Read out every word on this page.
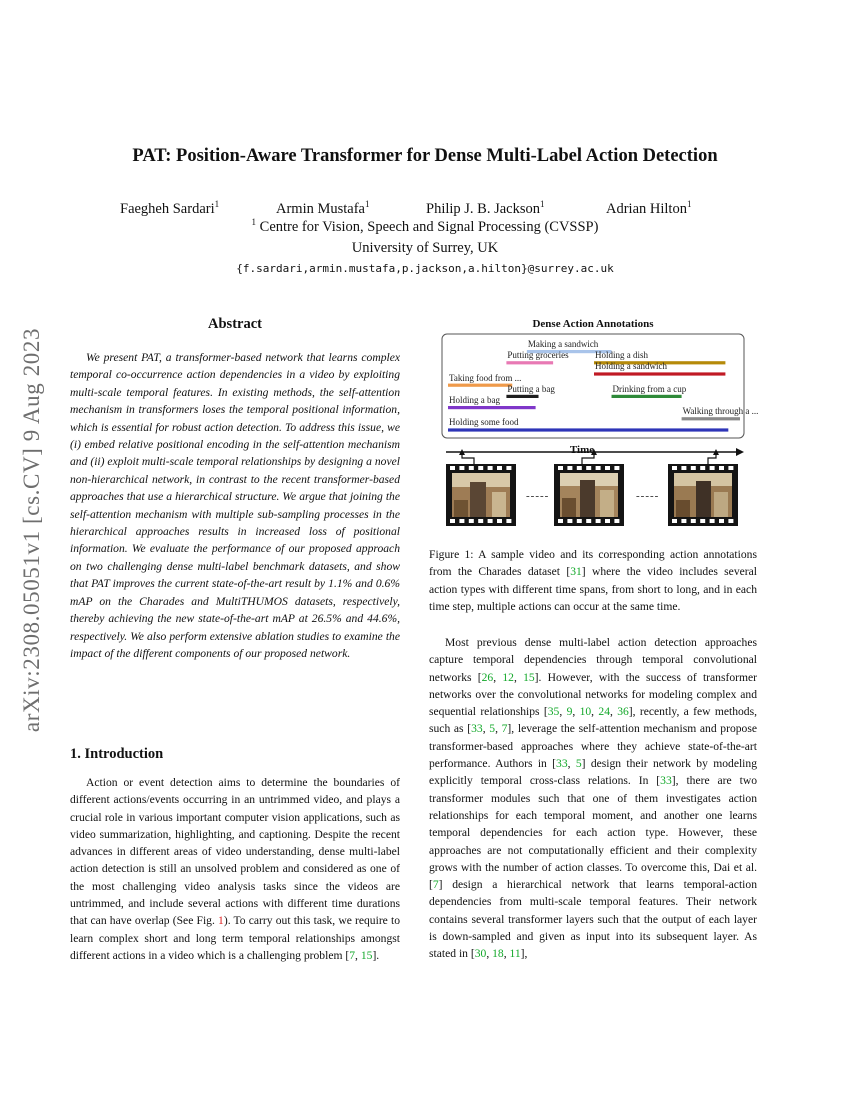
arXiv:2308.05051v1 [cs.CV] 9 Aug 2023
PAT: Position-Aware Transformer for Dense Multi-Label Action Detection
Faegheh Sardari$^1$	Armin Mustafa$^1$	Philip J. B. Jackson$^1$	Adrian Hilton$^1$
$^1$ Centre for Vision, Speech and Signal Processing (CVSSP)
University of Surrey, UK
{f.sardari,armin.mustafa,p.jackson,a.hilton}@surrey.ac.uk
Abstract

We present PAT, a transformer-based network that learns complex temporal co-occurrence action dependencies in a video by exploiting multi-scale temporal features. In existing methods, the self-attention mechanism in transformers loses the temporal positional information, which is essential for robust action detection. To address this issue, we (i) embed relative positional encoding in the self-attention mechanism and (ii) exploit multi-scale temporal relationships by designing a novel non-hierarchical network, in contrast to the recent transformer-based approaches that use a hierarchical structure. We argue that joining the self-attention mechanism with multiple sub-sampling processes in the hierarchical approaches results in increased loss of positional information. We evaluate the performance of our proposed approach on two challenging dense multi-label benchmark datasets, and show that PAT improves the current state-of-the-art result by 1.1% and 0.6% mAP on the Charades and MultiTHUMOS datasets, respectively, thereby achieving the new state-of-the-art mAP at 26.5% and 44.6%, respectively. We also perform extensive ablation studies to examine the impact of the different components of our proposed network.

1. Introduction

Action or event detection aims to determine the boundaries of different actions/events occurring in an untrimmed video, and plays a crucial role in various important computer vision applications, such as video summarization, highlighting, and captioning. Despite the recent advances in different areas of video understanding, dense multi-label action detection is still an unsolved problem and considered as one of the most challenging video analysis tasks since the videos are untrimmed, and include several actions with different time durations that can have overlap (See Fig. 1). To carry out this task, we require to learn complex short and long term temporal relationships amongst different actions in a video which is a challenging problem [7, 15].

Dense Action Annotations
Making a sandwich
Putting groceries	Holding a dish
Holding a sandwich
Taking food from ...
Drinking from a cup
Putting a bag
Holding a bag
Walking through a ...
Holding some food
Time
-----	-----

Figure 1: A sample video and its corresponding action annotations from the Charades dataset [31] where the video includes several action types with different time spans, from short to long, and in each time step, multiple actions can occur at the same time.

Most previous dense multi-label action detection approaches capture temporal dependencies through temporal convolutional networks [26, 12, 15]. However, with the success of transformer networks over the convolutional networks for modeling complex and sequential relationships [35, 9, 10, 24, 36], recently, a few methods, such as [33, 5, 7], leverage the self-attention mechanism and propose transformer-based approaches where they achieve state-of-the-art performance. Authors in [33, 5] design their network by modeling explicitly temporal cross-class relations. In [33], there are two transformer modules such that one of them investigates action relationships for each temporal moment, and another one learns temporal dependencies for each action type. However, these approaches are not computationally efficient and their complexity grows with the number of action classes. To overcome this, Dai et al. [7] design a hierarchical network that learns temporal-action dependencies from multi-scale temporal features. Their network contains several transformer layers such that the output of each layer is down-sampled and given as input into its subsequent layer. As stated in [30, 18, 11],
